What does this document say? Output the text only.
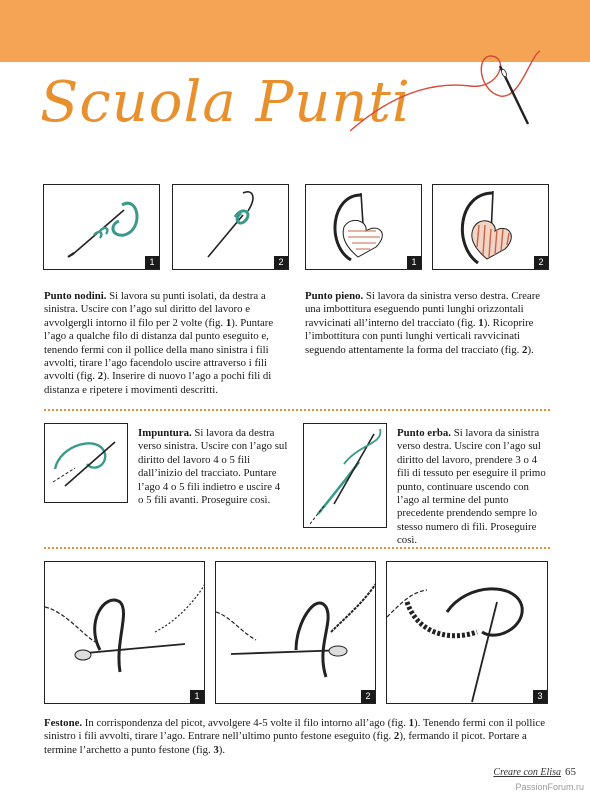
Scuola Punti
1	2	1	2
Punto nodini. Si lavora su punti isolati, da destra a sinistra. Uscire con l’ago sul diritto del lavoro e avvolgergli intorno il filo per 2 volte (fig. 1). Puntare l’ago a qualche filo di distanza dal punto eseguito e, tenendo fermi con il pollice della mano sinistra i fili avvolti, tirare l’ago facendolo uscire attraverso i fili avvolti (fig. 2). Inserire di nuovo l’ago a pochi fili di distanza e ripetere i movimenti descritti.
Punto pieno. Si lavora da sinistra verso destra. Creare una imbottitura eseguendo punti lunghi orizzontali ravvicinati all’interno del tracciato (fig. 1). Ricoprire l’imbottitura con punti lunghi verticali ravvicinati seguendo attentamente la forma del tracciato (fig. 2).
Impuntura. Si lavora da destra verso sinistra. Uscire con l’ago sul diritto del lavoro 4 o 5 fili dall’inizio del tracciato. Puntare l’ago 4 o 5 fili indietro e uscire 4 o 5 fili avanti. Proseguire così.
Punto erba. Si lavora da sinistra verso destra. Uscire con l’ago sul diritto del lavoro, prendere 3 o 4 fili di tessuto per eseguire il primo punto, continuare uscendo con l’ago al termine del punto precedente prendendo sempre lo stesso numero di fili. Proseguire così.
1	2	3
Festone. In corrispondenza del picot, avvolgere 4-5 volte il filo intorno all’ago (fig. 1). Tenendo fermi con il pollice sinistro i fili avvolti, tirare l’ago. Entrare nell’ultimo punto festone eseguito (fig. 2), fermando il picot. Portare a termine l’archetto a punto festone (fig. 3).
Creare con Elisa 65
PassionForum.ru
